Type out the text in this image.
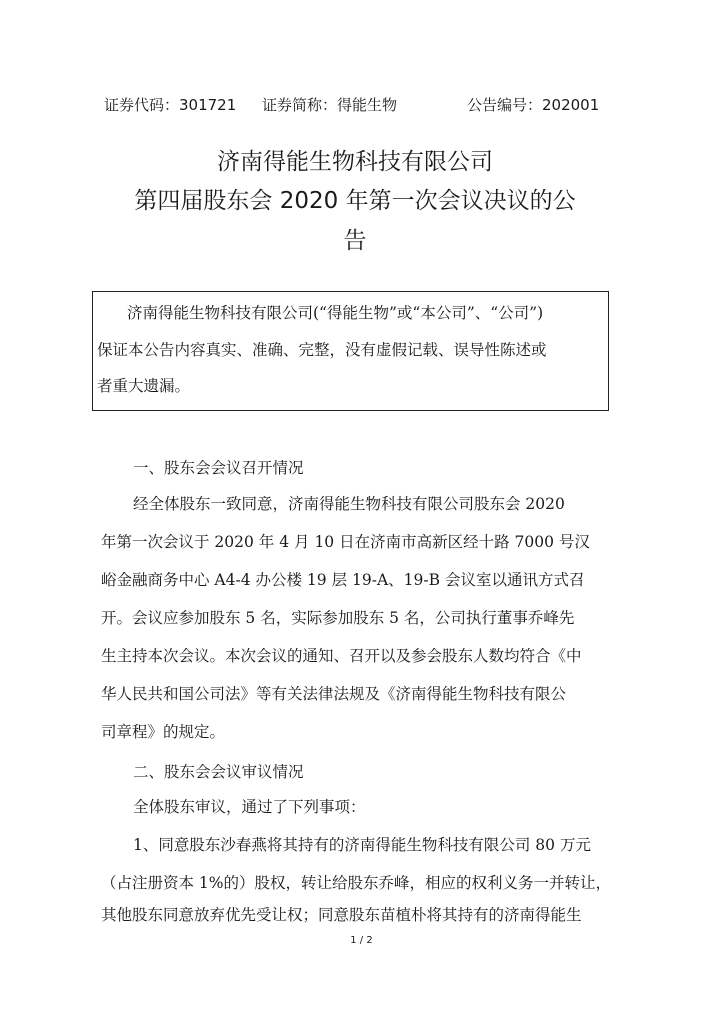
证券代码：301721 证券简称：得能生物	公告编号：202001
济南得能生物科技有限公司
第四届股东会 2020 年第一次会议决议的公
告
济南得能生物科技有限公司(“得能生物”或“本公司”、“公司”)
保证本公告内容真实、准确、完整，没有虚假记载、误导性陈述或
者重大遗漏。
一、股东会会议召开情况
经全体股东一致同意，济南得能生物科技有限公司股东会 2020
年第一次会议于 2020 年 4 月 10 日在济南市高新区经十路 7000 号汉
峪金融商务中心 A4-4 办公楼 19 层 19-A、19-B 会议室以通讯方式召
开。会议应参加股东 5 名，实际参加股东 5 名，公司执行董事乔峰先
生主持本次会议。本次会议的通知、召开以及参会股东人数均符合《中
华人民共和国公司法》等有关法律法规及《济南得能生物科技有限公
司章程》的规定。
二、股东会会议审议情况
全体股东审议，通过了下列事项：
1、同意股东沙春燕将其持有的济南得能生物科技有限公司 80 万元
（占注册资本 1%的）股权，转让给股东乔峰，相应的权利义务一并转让，
其他股东同意放弃优先受让权；同意股东苗植朴将其持有的济南得能生
1 / 2
